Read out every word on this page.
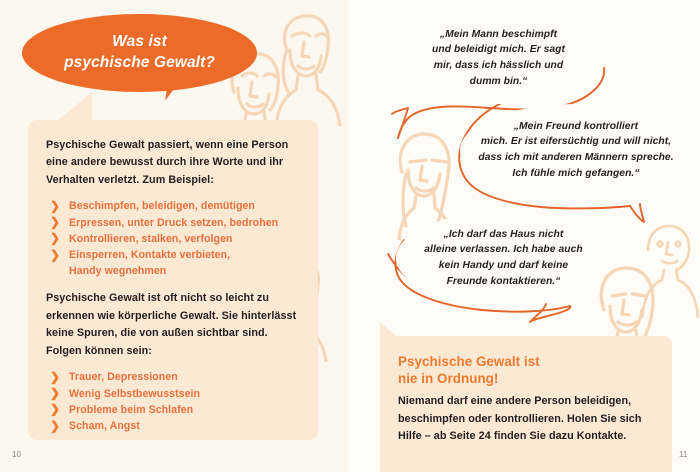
Was ist
psychische Gewalt?

Psychische Gewalt passiert, wenn eine Person eine andere bewusst durch ihre Worte und ihr Verhalten verletzt. Zum Beispiel:

❯ Beschimpfen, beleidigen, demütigen
❯ Erpressen, unter Druck setzen, bedrohen
❯ Kontrollieren, stalken, verfolgen
❯ Einsperren, Kontakte verbieten,
Handy wegnehmen

Psychische Gewalt ist oft nicht so leicht zu erkennen wie körperliche Gewalt. Sie hinterlässt keine Spuren, die von außen sichtbar sind. Folgen können sein:

❯ Trauer, Depressionen
❯ Wenig Selbstbewusstsein
❯ Probleme beim Schlafen
❯ Scham, Angst
„Mein Mann beschimpft
und beleidigt mich. Er sagt
mir, dass ich hässlich und
dumm bin.“
„Mein Freund kontrolliert
mich. Er ist eifersüchtig und will nicht,
dass ich mit anderen Männern spreche.
Ich fühle mich gefangen.“
„Ich darf das Haus nicht
alleine verlassen. Ich habe auch
kein Handy und darf keine
Freunde kontaktieren.“
Psychische Gewalt ist
nie in Ordnung!

Niemand darf eine andere Person beleidigen, beschimpfen oder kontrollieren. Holen Sie sich Hilfe – ab Seite 24 finden Sie dazu Kontakte.

10	11
